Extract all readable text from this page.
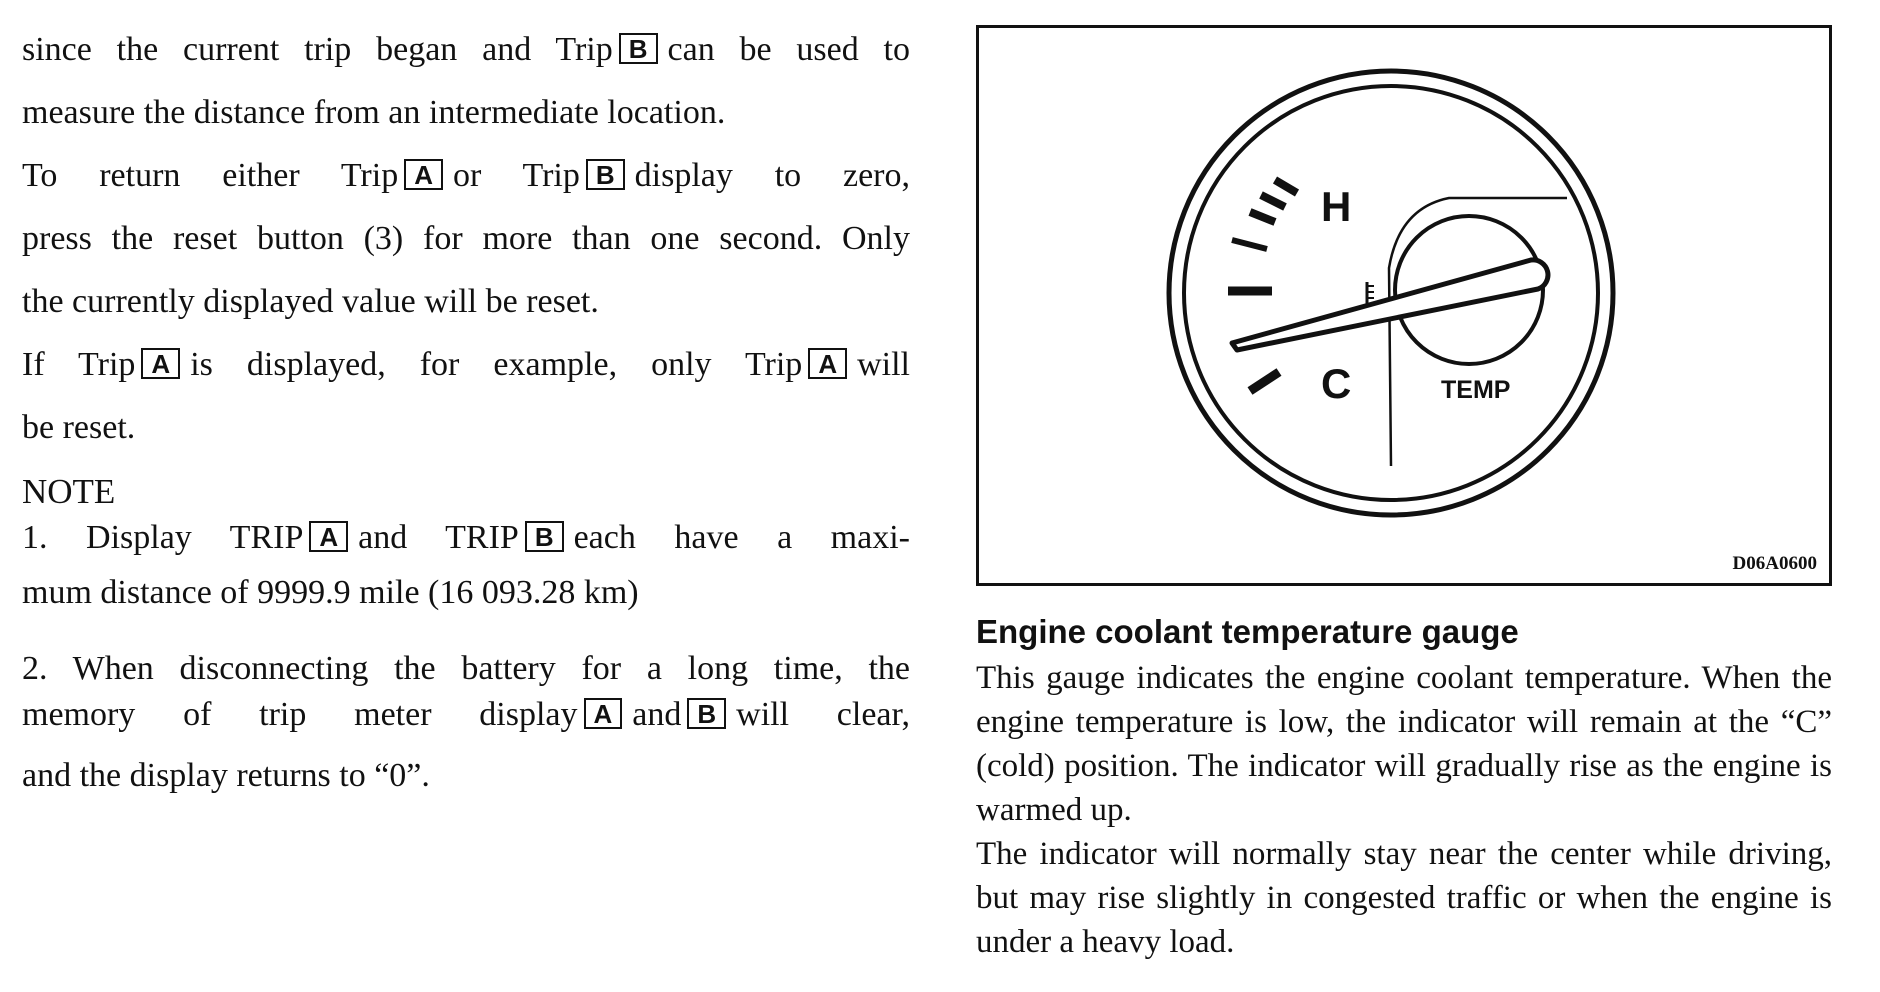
since the current trip began and Trip B can be used to

measure the distance from an intermediate location.

To return either Trip A or Trip B display to zero,

press the reset button (3) for more than one second. Only

the currently displayed value will be reset.

If Trip A is displayed, for example, only Trip A will

be reset.

NOTE

1. Display TRIP A and TRIP B each have a maxi-

mum distance of 9999.9 mile (16 093.28 km)

2. When disconnecting the battery for a long time, the

memory of trip meter display A and B will clear,

and the display returns to “0”.

H
C	TEMP
D06A0600
Engine coolant temperature gauge

This gauge indicates the engine coolant temperature. When the engine temperature is low, the indicator will remain at the “C” (cold) position. The indicator will gradually rise as the engine is warmed up.

The indicator will normally stay near the center while driving, but may rise slightly in congested traffic or when the engine is under a heavy load.
